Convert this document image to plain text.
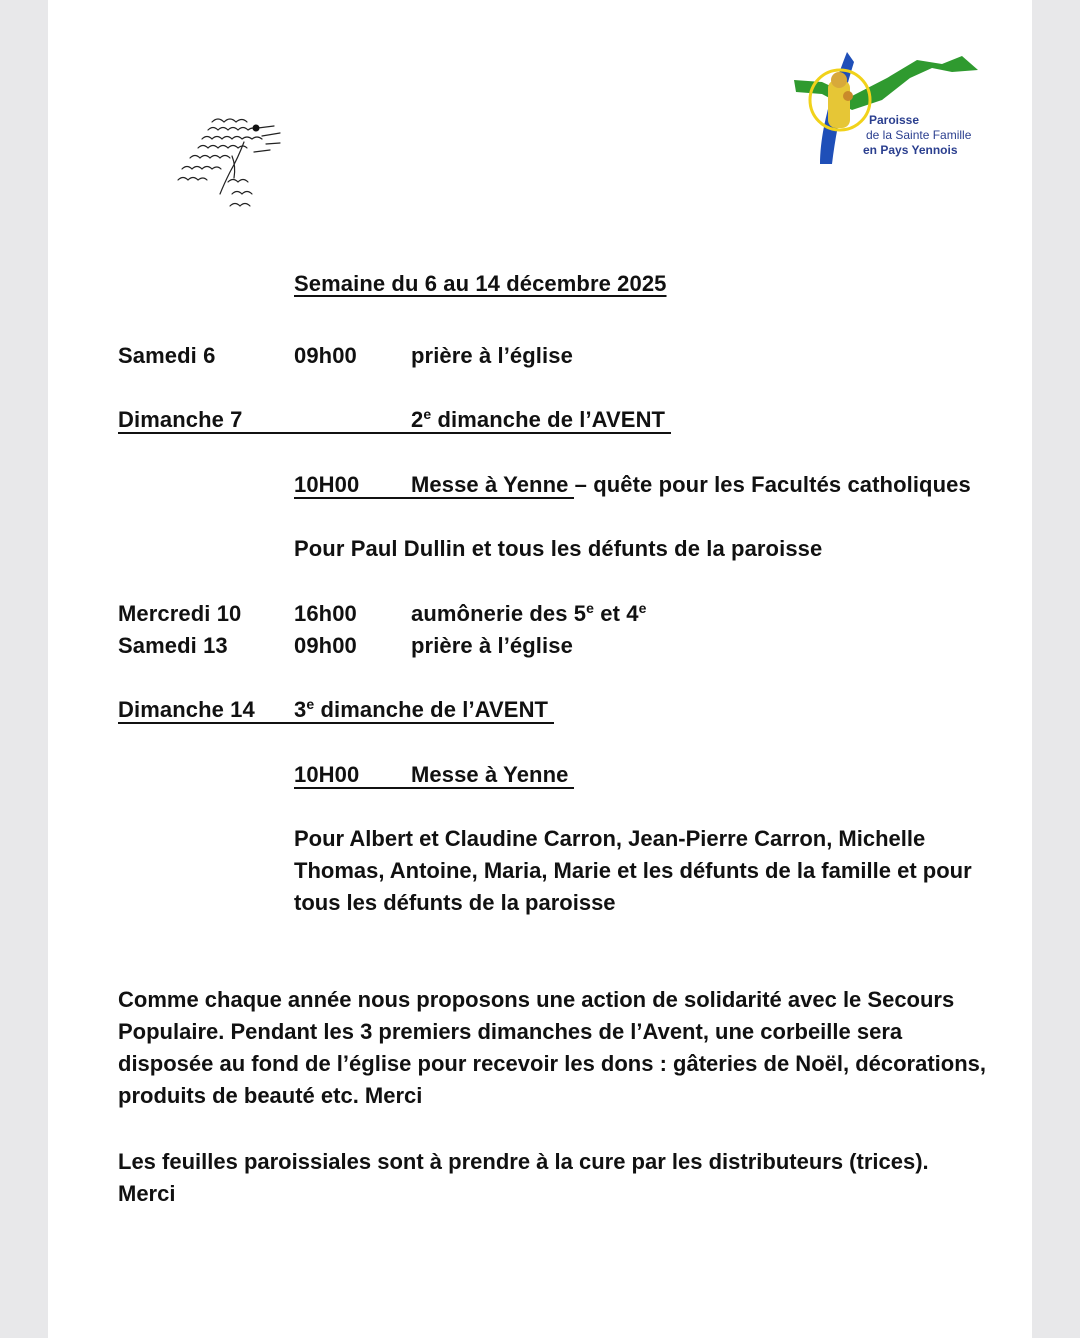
Paroisse
de la Sainte Famille
en Pays Yennois
Semaine du 6 au 14 décembre 2025
Samedi 6	09h00 prière à l’église
Dimanche 7	2e dimanche de l’AVENT
10H00 Messe à Yenne – quête pour les Facultés catholiques
Pour Paul Dullin et tous les défunts de la paroisse
Mercredi 10 16h00 aumônerie des 5e et 4e
Samedi 13	09h00 prière à l’église
Dimanche 14 3e dimanche de l’AVENT
10H00 Messe à Yenne
Pour Albert et Claudine Carron, Jean-Pierre Carron, Michelle Thomas, Antoine, Maria, Marie et les défunts de la famille et pour tous les défunts de la paroisse
Comme chaque année nous proposons une action de solidarité avec le Secours Populaire. Pendant les 3 premiers dimanches de l’Avent, une corbeille sera disposée au fond de l’église pour recevoir les dons : gâteries de Noël, décorations, produits de beauté etc. Merci
Les feuilles paroissiales sont à prendre à la cure par les distributeurs (trices). Merci
